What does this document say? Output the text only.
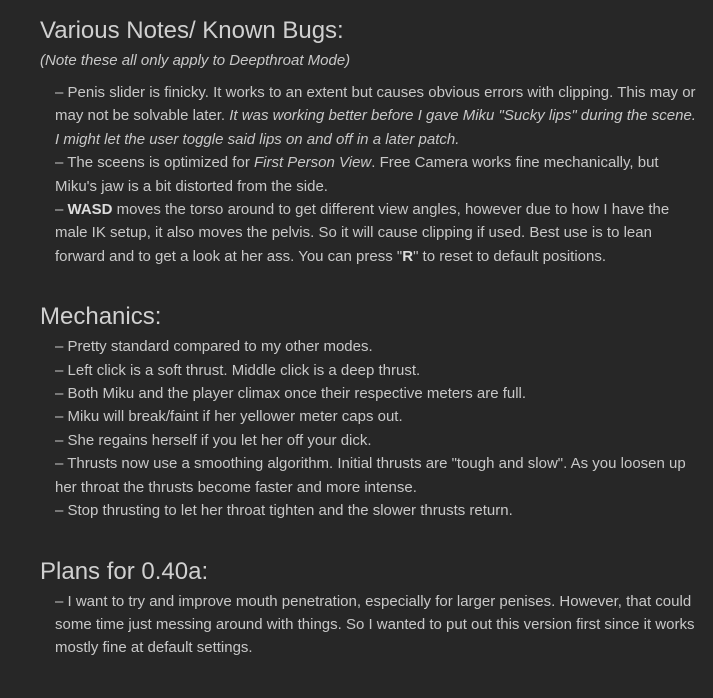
Various Notes/ Known Bugs:
(Note these all only apply to Deepthroat Mode)
– Penis slider is finicky. It works to an extent but causes obvious errors with clipping. This may or may not be solvable later. It was working better before I gave Miku "Sucky lips" during the scene. I might let the user toggle said lips on and off in a later patch.
– The sceens is optimized for First Person View. Free Camera works fine mechanically, but Miku's jaw is a bit distorted from the side.
– WASD moves the torso around to get different view angles, however due to how I have the male IK setup, it also moves the pelvis. So it will cause clipping if used. Best use is to lean forward and to get a look at her ass. You can press "R" to reset to default positions.
Mechanics:
– Pretty standard compared to my other modes.
– Left click is a soft thrust. Middle click is a deep thrust.
– Both Miku and the player climax once their respective meters are full.
– Miku will break/faint if her yellower meter caps out.
– She regains herself if you let her off your dick.
– Thrusts now use a smoothing algorithm. Initial thrusts are "tough and slow". As you loosen up her throat the thrusts become faster and more intense.
– Stop thrusting to let her throat tighten and the slower thrusts return.
Plans for 0.40a:
– I want to try and improve mouth penetration, especially for larger penises. However, that could some time just messing around with things. So I wanted to put out this version first since it works mostly fine at default settings.
